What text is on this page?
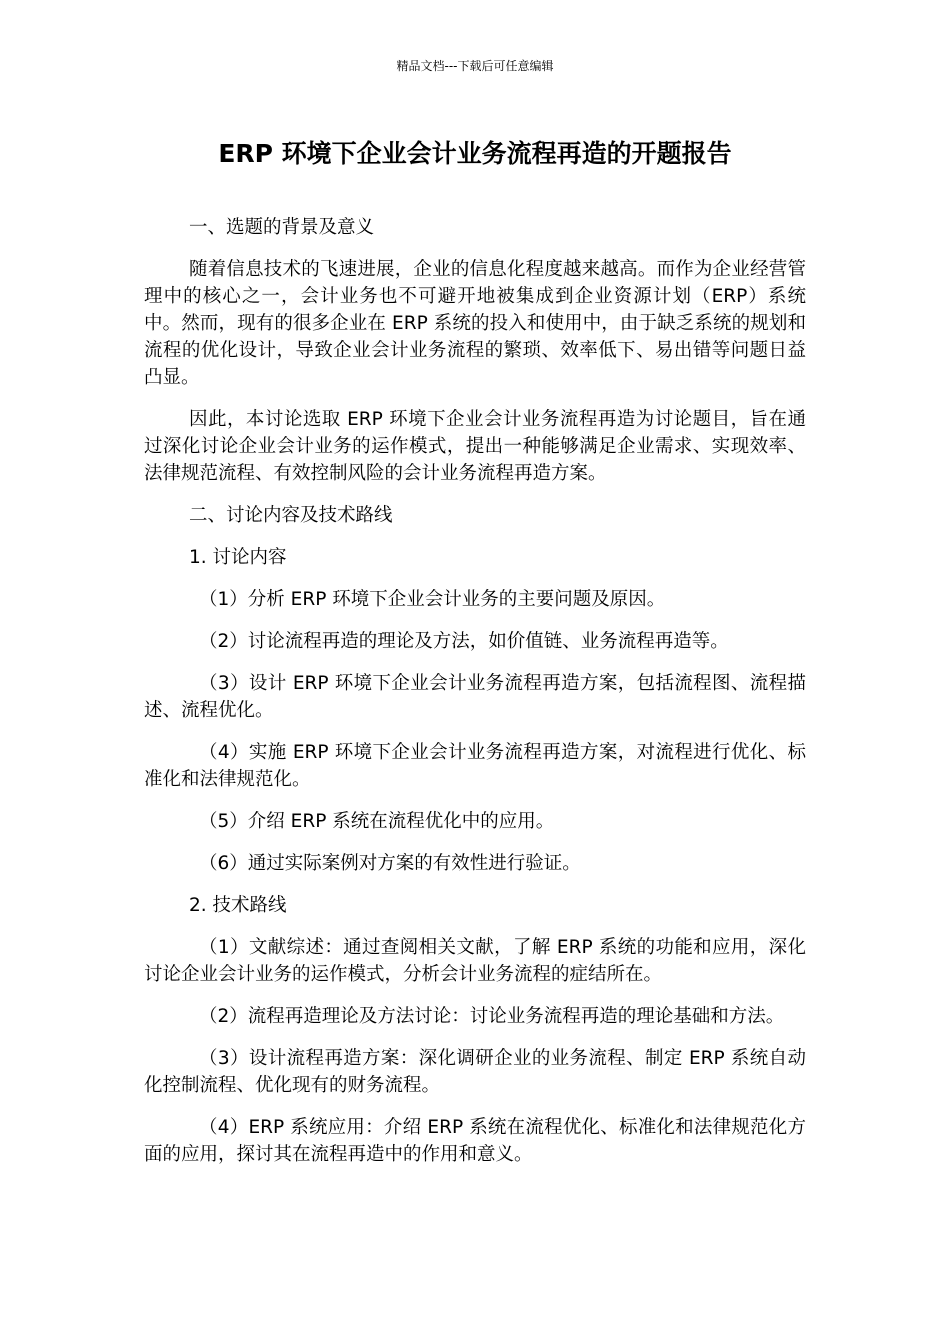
精品文档---下载后可任意编辑
ERP 环境下企业会计业务流程再造的开题报告

一、选题的背景及意义

随着信息技术的飞速进展，企业的信息化程度越来越高。而作为企业经营管理中的核心之一，会计业务也不可避开地被集成到企业资源计划（ERP）系统中。然而，现有的很多企业在 ERP 系统的投入和使用中，由于缺乏系统的规划和流程的优化设计，导致企业会计业务流程的繁琐、效率低下、易出错等问题日益凸显。

因此，本讨论选取 ERP 环境下企业会计业务流程再造为讨论题目，旨在通过深化讨论企业会计业务的运作模式，提出一种能够满足企业需求、实现效率、法律规范流程、有效控制风险的会计业务流程再造方案。

二、讨论内容及技术路线

1. 讨论内容

（1）分析 ERP 环境下企业会计业务的主要问题及原因。

（2）讨论流程再造的理论及方法，如价值链、业务流程再造等。

（3）设计 ERP 环境下企业会计业务流程再造方案，包括流程图、流程描述、流程优化。

（4）实施 ERP 环境下企业会计业务流程再造方案，对流程进行优化、标准化和法律规范化。

（5）介绍 ERP 系统在流程优化中的应用。

（6）通过实际案例对方案的有效性进行验证。

2. 技术路线

（1）文献综述：通过查阅相关文献，了解 ERP 系统的功能和应用，深化讨论企业会计业务的运作模式，分析会计业务流程的症结所在。

（2）流程再造理论及方法讨论：讨论业务流程再造的理论基础和方法。

（3）设计流程再造方案：深化调研企业的业务流程、制定 ERP 系统自动化控制流程、优化现有的财务流程。

（4）ERP 系统应用：介绍 ERP 系统在流程优化、标准化和法律规范化方面的应用，探讨其在流程再造中的作用和意义。
